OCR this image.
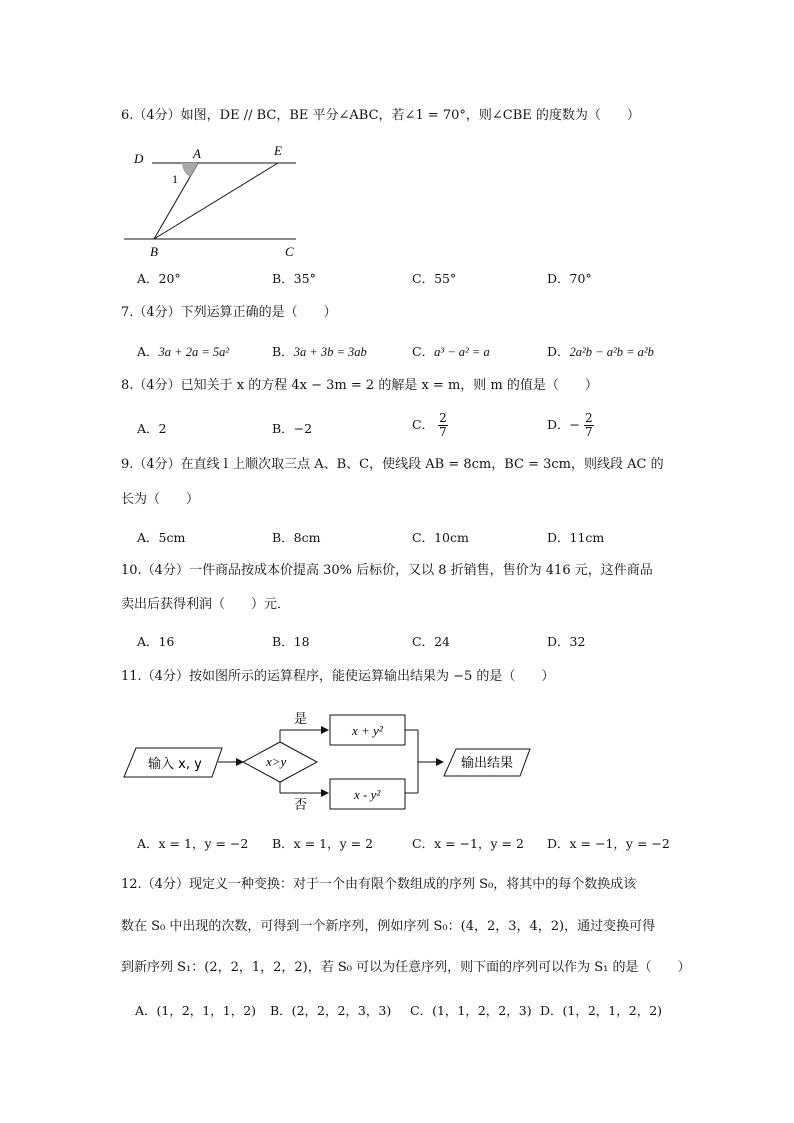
6.（4分）如图，DE // BC，BE 平分∠ABC，若∠1 = 70°，则∠CBE 的度数为（　　）
D	A	E
1
B	C
A．20°	B．35°	C．55°	D．70°
7.（4分）下列运算正确的是（　　）
A．3a + 2a = 5a²	B．3a + 3b = 3ab	C．a³ − a² = a	D．2a²b − a²b = a²b
8.（4分）已知关于 x 的方程 4x − 3m = 2 的解是 x = m，则 m 的值是（　　）
A．2	B．−2	C． $\frac{2}{7}$	D．− $\frac{2}{7}$
9.（4分）在直线 l 上顺次取三点 A、B、C，使线段 AB = 8cm，BC = 3cm，则线段 AC 的
长为（　　）
A．5cm	B．8cm	C．10cm	D．11cm
10.（4分）一件商品按成本价提高 30% 后标价，又以 8 折销售，售价为 416 元，这件商品
卖出后获得利润（　　）元．
A．16	B．18	C．24	D．32
11.（4分）按如图所示的运算程序，能使运算输出结果为 −5 的是（　　）
输入 x, y	x>y
是
否
x + y²
x - y²
输出结果
A．x = 1，y = −2 B．x = 1，y = 2	C．x = −1，y = 2 D．x = −1，y = −2
12.（4分）现定义一种变换：对于一个由有限个数组成的序列 S₀，将其中的每个数换成该
数在 S₀ 中出现的次数，可得到一个新序列，例如序列 S₀：(4，2，3，4，2)，通过变换可得
到新序列 S₁：(2，2，1，2，2)，若 S₀ 可以为任意序列，则下面的序列可以作为 S₁ 的是（　　）
A．(1，2，1，1，2) B．(2，2，2，3，3) C．(1，1，2，2，3) D．(1，2，1，2，2)
